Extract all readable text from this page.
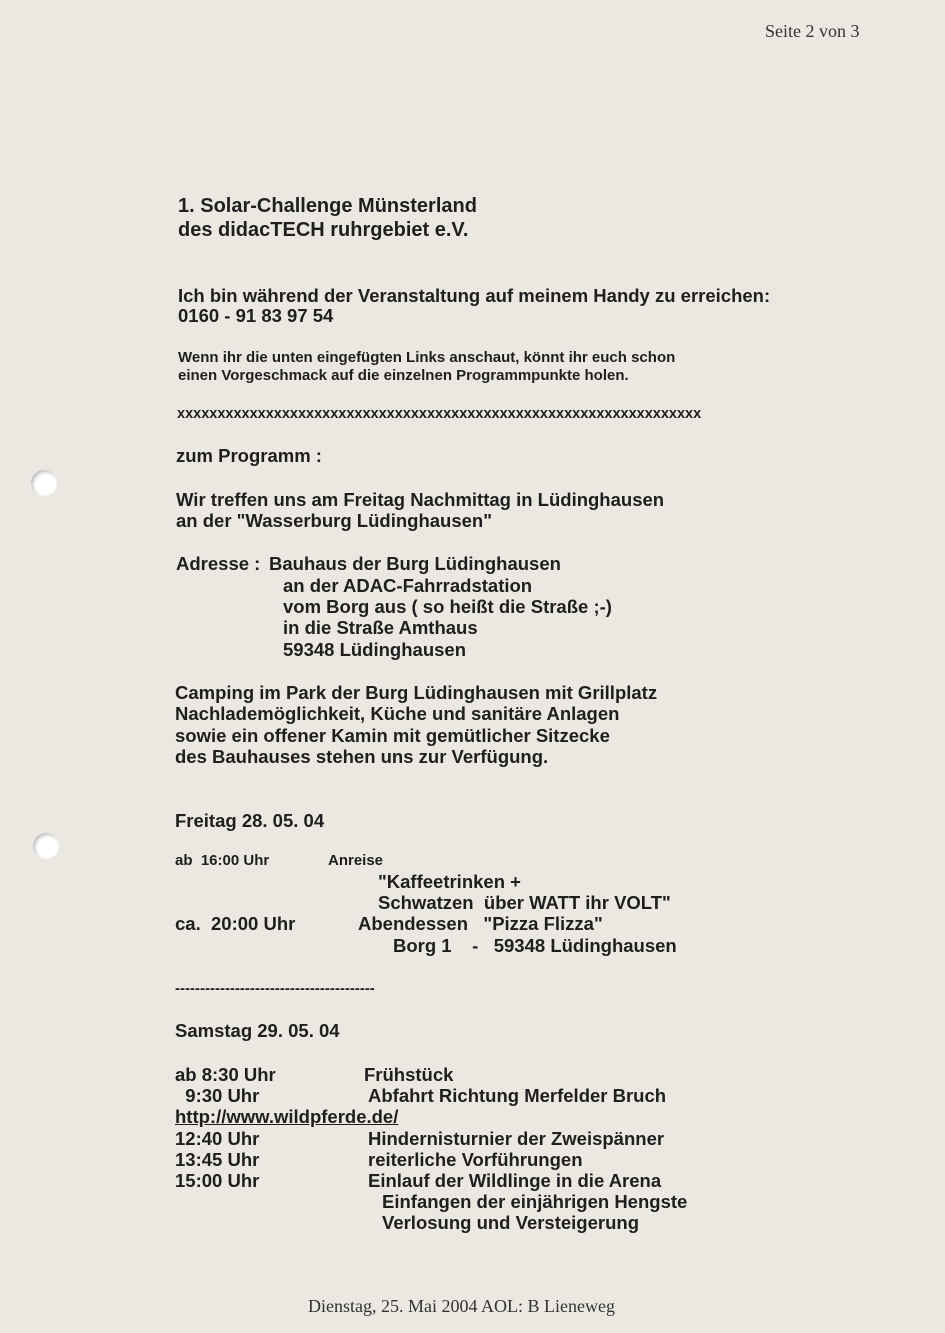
Seite 2 von 3
1. Solar-Challenge Münsterland
des didacTECH ruhrgebiet e.V.
Ich bin während der Veranstaltung auf meinem Handy zu erreichen:
0160 - 91 83 97 54
Wenn ihr die unten eingefügten Links anschaut, könnt ihr euch schon
einen Vorgeschmack auf die einzelnen Programmpunkte holen.
xxxxxxxxxxxxxxxxxxxxxxxxxxxxxxxxxxxxxxxxxxxxxxxxxxxxxxxxxxxxxxxxx
zum Programm :
Wir treffen uns am Freitag Nachmittag in Lüdinghausen
an der "Wasserburg Lüdinghausen"
Adresse : Bauhaus der Burg Lüdinghausen
an der ADAC-Fahrradstation
vom Borg aus ( so heißt die Straße ;-)
in die Straße Amthaus
59348 Lüdinghausen
Camping im Park der Burg Lüdinghausen mit Grillplatz
Nachlademöglichkeit, Küche und sanitäre Anlagen
sowie ein offener Kamin mit gemütlicher Sitzecke
des Bauhauses stehen uns zur Verfügung.
Freitag 28. 05. 04
ab  16:00 Uhr	Anreise
"Kaffeetrinken +
Schwatzen  über WATT ihr VOLT"
ca.  20:00 Uhr	Abendessen   "Pizza Flizza"
Borg 1    -   59348 Lüdinghausen
----------------------------------------
Samstag 29. 05. 04
ab 8:30 Uhr	Frühstück
9:30 Uhr	Abfahrt Richtung Merfelder Bruch
http://www.wildpferde.de/
12:40 Uhr	Hindernisturnier der Zweispänner
13:45 Uhr	reiterliche Vorführungen
15:00 Uhr	Einlauf der Wildlinge in die Arena
Einfangen der einjährigen Hengste
Verlosung und Versteigerung
Dienstag, 25. Mai 2004 AOL: B Lieneweg
